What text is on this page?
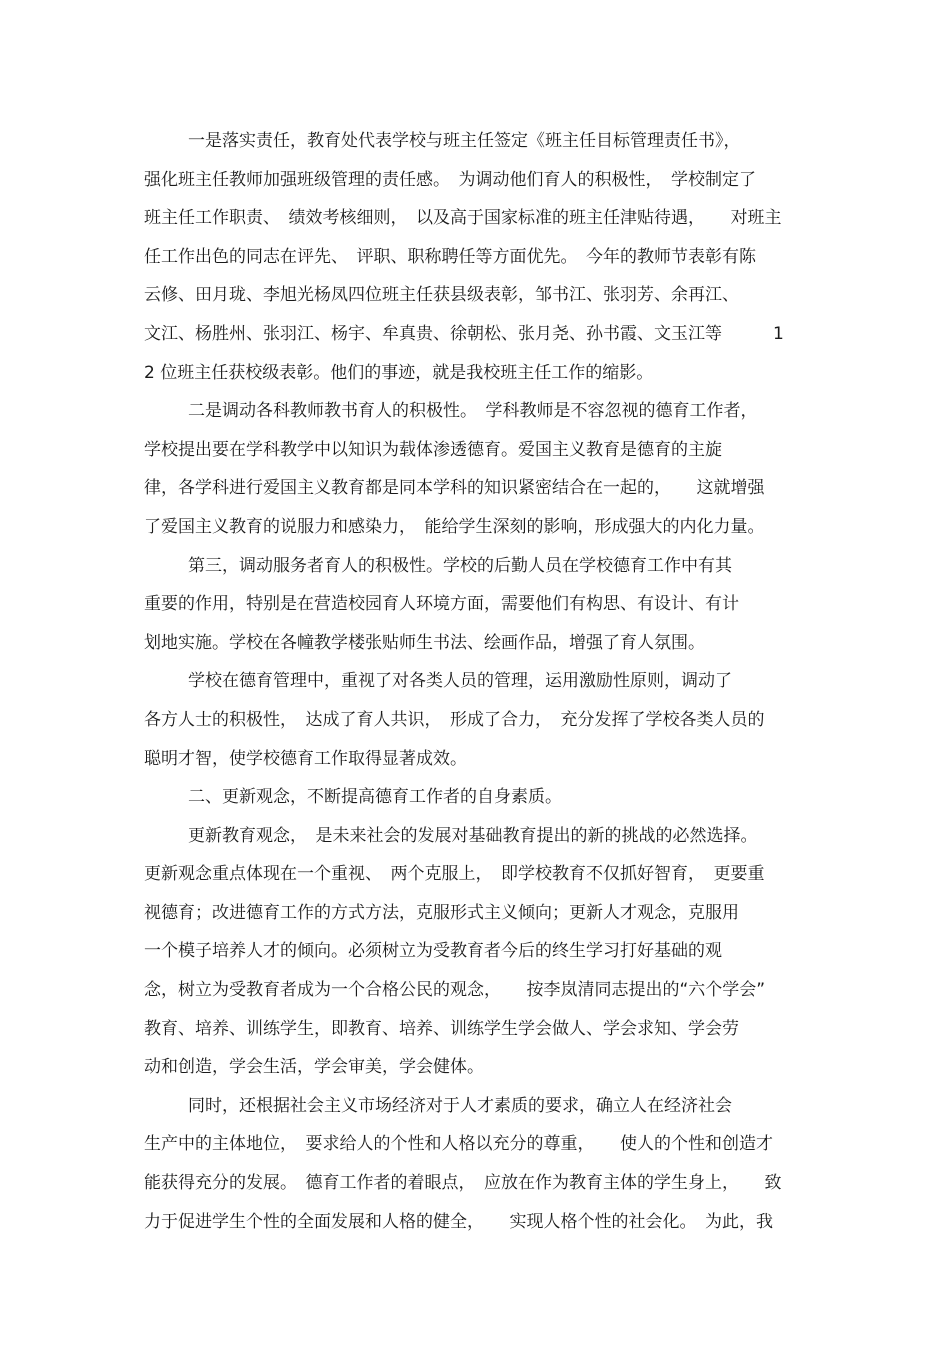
一是落实责任，教育处代表学校与班主任签定《班主任目标管理责任书》，
强化班主任教师加强班级管理的责任感。　为调动他们育人的积极性，　学校制定了
班主任工作职责、　绩效考核细则，　以及高于国家标准的班主任津贴待遇，　　对班主
任工作出色的同志在评先、　评职、职称聘任等方面优先。　今年的教师节表彰有陈
云修、田月珑、李旭光杨凤四位班主任获县级表彰，邹书江、张羽芳、余再江、
文江、杨胜州、张羽江、杨宇、牟真贵、徐朝松、张月尧、孙书霞、文玉江等　　　1
2 位班主任获校级表彰。他们的事迹，就是我校班主任工作的缩影。
二是调动各科教师教书育人的积极性。　学科教师是不容忽视的德育工作者，
学校提出要在学科教学中以知识为载体渗透德育。爱国主义教育是德育的主旋
律，各学科进行爱国主义教育都是同本学科的知识紧密结合在一起的，　　这就增强
了爱国主义教育的说服力和感染力，　能给学生深刻的影响，形成强大的内化力量。
第三，调动服务者育人的积极性。学校的后勤人员在学校德育工作中有其
重要的作用，特别是在营造校园育人环境方面，需要他们有构思、有设计、有计
划地实施。学校在各幢教学楼张贴师生书法、绘画作品，增强了育人氛围。
学校在德育管理中，重视了对各类人员的管理，运用激励性原则，调动了
各方人士的积极性，　达成了育人共识，　形成了合力，　充分发挥了学校各类人员的
聪明才智，使学校德育工作取得显著成效。
二、更新观念，不断提高德育工作者的自身素质。
更新教育观念，　是未来社会的发展对基础教育提出的新的挑战的必然选择。
更新观念重点体现在一个重视、　两个克服上，　即学校教育不仅抓好智育，　更要重
视德育；改进德育工作的方式方法，克服形式主义倾向；更新人才观念，克服用
一个模子培养人才的倾向。必须树立为受教育者今后的终生学习打好基础的观
念，树立为受教育者成为一个合格公民的观念，　　按李岚清同志提出的“六个学会”
教育、培养、训练学生，即教育、培养、训练学生学会做人、学会求知、学会劳
动和创造，学会生活，学会审美，学会健体。
同时，还根据社会主义市场经济对于人才素质的要求，确立人在经济社会
生产中的主体地位，　要求给人的个性和人格以充分的尊重，　　使人的个性和创造才
能获得充分的发展。　德育工作者的着眼点，　应放在作为教育主体的学生身上，　　致
力于促进学生个性的全面发展和人格的健全，　　实现人格个性的社会化。　为此，我
